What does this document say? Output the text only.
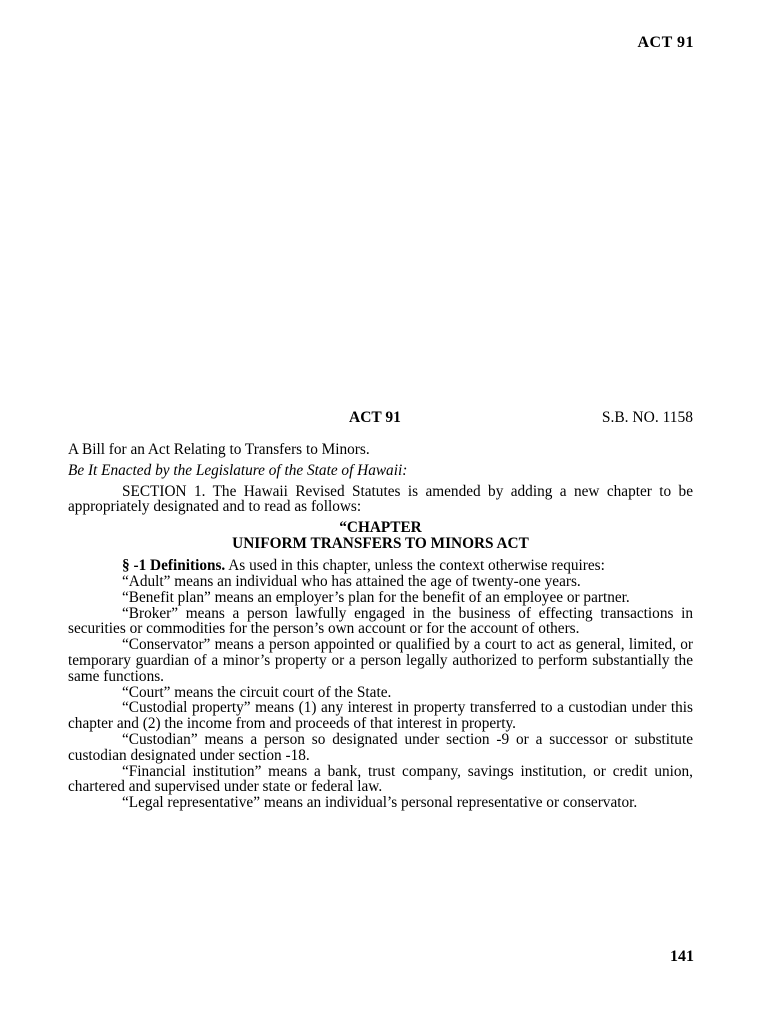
ACT 91
ACT 91	S.B. NO. 1158

A Bill for an Act Relating to Transfers to Minors.

Be It Enacted by the Legislature of the State of Hawaii:

SECTION 1. The Hawaii Revised Statutes is amended by adding a new chapter to be appropriately designated and to read as follows:

“CHAPTER
UNIFORM TRANSFERS TO MINORS ACT

§ -1 Definitions. As used in this chapter, unless the context otherwise requires:

“Adult” means an individual who has attained the age of twenty-one years.

“Benefit plan” means an employer’s plan for the benefit of an employee or partner.

“Broker” means a person lawfully engaged in the business of effecting transactions in securities or commodities for the person’s own account or for the account of others.

“Conservator” means a person appointed or qualified by a court to act as general, limited, or temporary guardian of a minor’s property or a person legally authorized to perform substantially the same functions.

“Court” means the circuit court of the State.

“Custodial property” means (1) any interest in property transferred to a custodian under this chapter and (2) the income from and proceeds of that interest in property.

“Custodian” means a person so designated under section -9 or a successor or substitute custodian designated under section -18.

“Financial institution” means a bank, trust company, savings institution, or credit union, chartered and supervised under state or federal law.

“Legal representative” means an individual’s personal representative or conservator.

141
